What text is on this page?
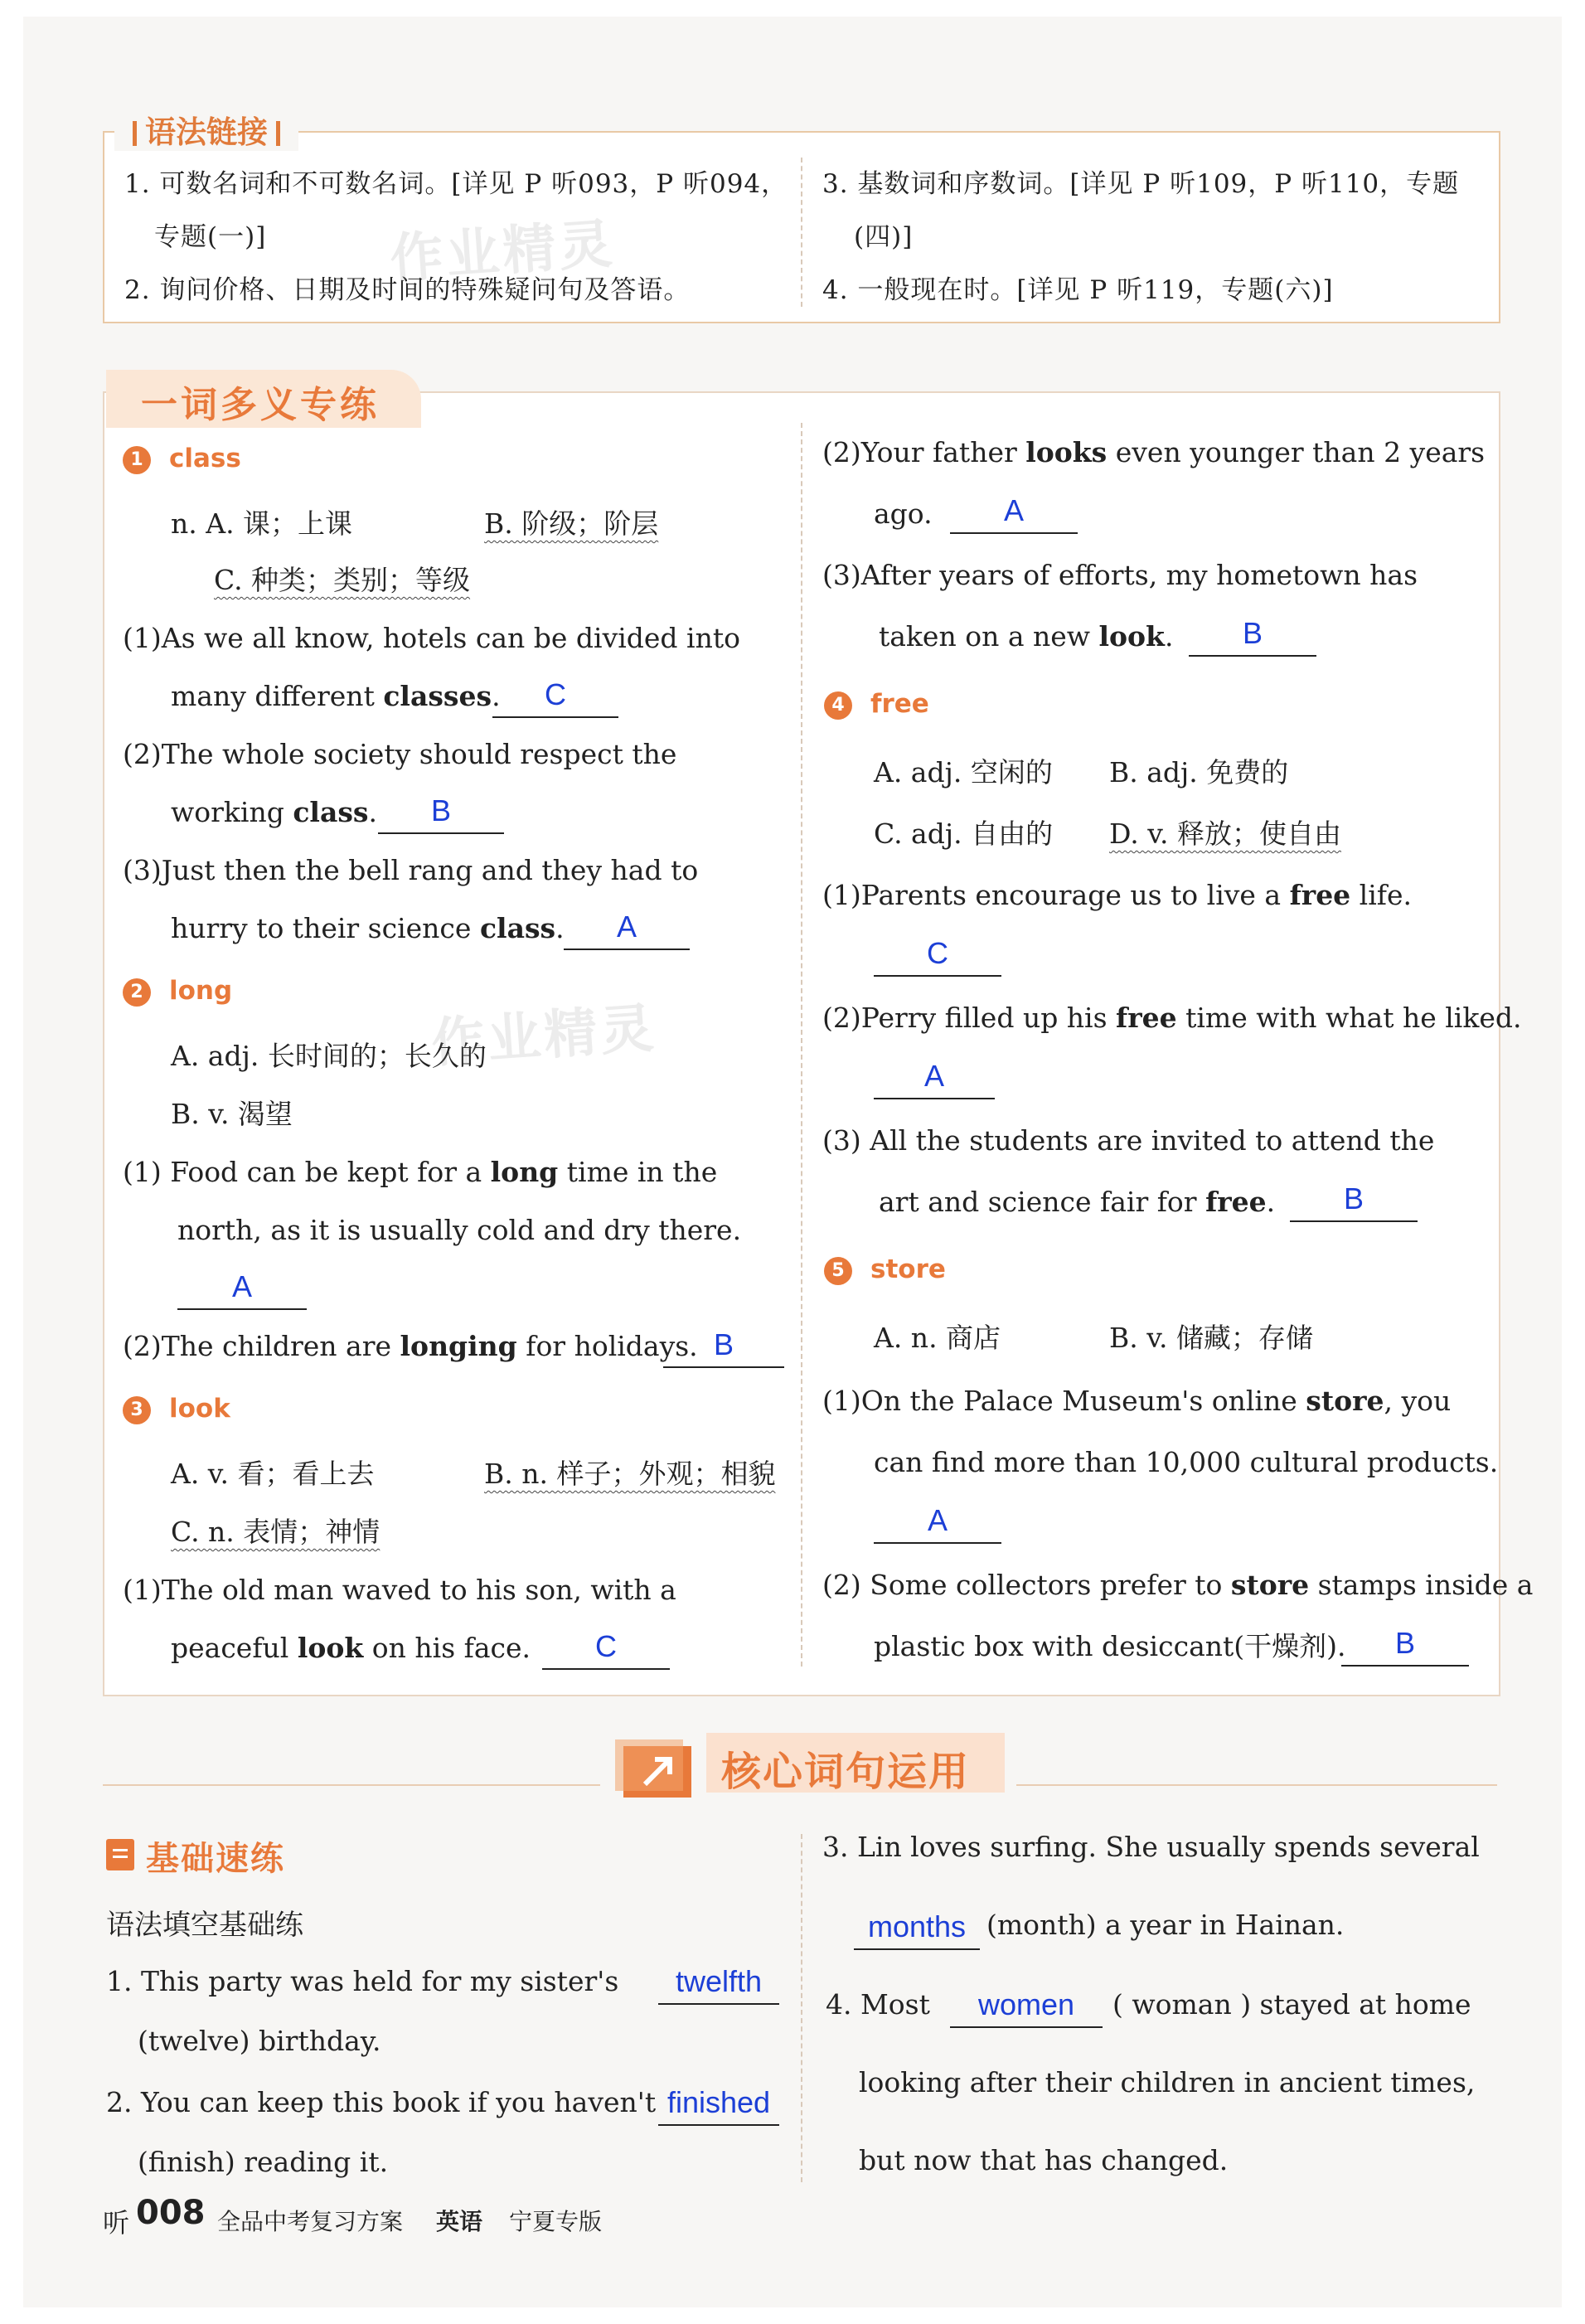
语法链接
1. 可数名词和不可数名词。[详见 P 听093，P 听094，
专题(一)]
2. 询问价格、日期及时间的特殊疑问句及答语。
3. 基数词和序数词。[详见 P 听109，P 听110，专题
(四)]
4. 一般现在时。[详见 P 听119，专题(六)]
一词多义专练
1	class
n. A. 课；上课	B. 阶级；阶层
C. 种类；类别；等级
(1)As we all know, hotels can be divided into
many different classes.	C
(2)The whole society should respect the
working class.	B
(3)Just then the bell rang and they had to
hurry to their science class.	A
2	long
A. adj. 长时间的；长久的
B. v. 渴望
(1) Food can be kept for a long time in the
north, as it is usually cold and dry there.
A
(2)The children are longing for holidays. B
3	look
A. v. 看；看上去	B. n. 样子；外观；相貌
C. n. 表情；神情
(1)The old man waved to his son, with a
peaceful look on his face.	C
(2)Your father looks even younger than 2 years
ago.	A
(3)After years of efforts, my hometown has
taken on a new look.	B
4	free
A. adj. 空闲的 B. adj. 免费的
C. adj. 自由的 D. v. 释放；使自由
(1)Parents encourage us to live a free life.
C
(2)Perry filled up his free time with what he liked.
A
(3) All the students are invited to attend the
art and science fair for free.	B
5	store
A. n. 商店	B. v. 储藏；存储
(1)On the Palace Museum's online store, you
can find more than 10,000 cultural products.
A
(2) Some collectors prefer to store stamps inside a
plastic box with desiccant(干燥剂).	B
核心词句运用
基础速练
语法填空基础练
1. This party was held for my sister's	twelfth
(twelve) birthday.
2. You can keep this book if you haven't finished
(finish) reading it.
3. Lin loves surfing. She usually spends several
months (month) a year in Hainan.
4. Most	women	( woman ) stayed at home
looking after their children in ancient times,
but now that has changed.
听 008 全品中考复习方案 英语 宁夏专版
作业精灵
作业精灵
